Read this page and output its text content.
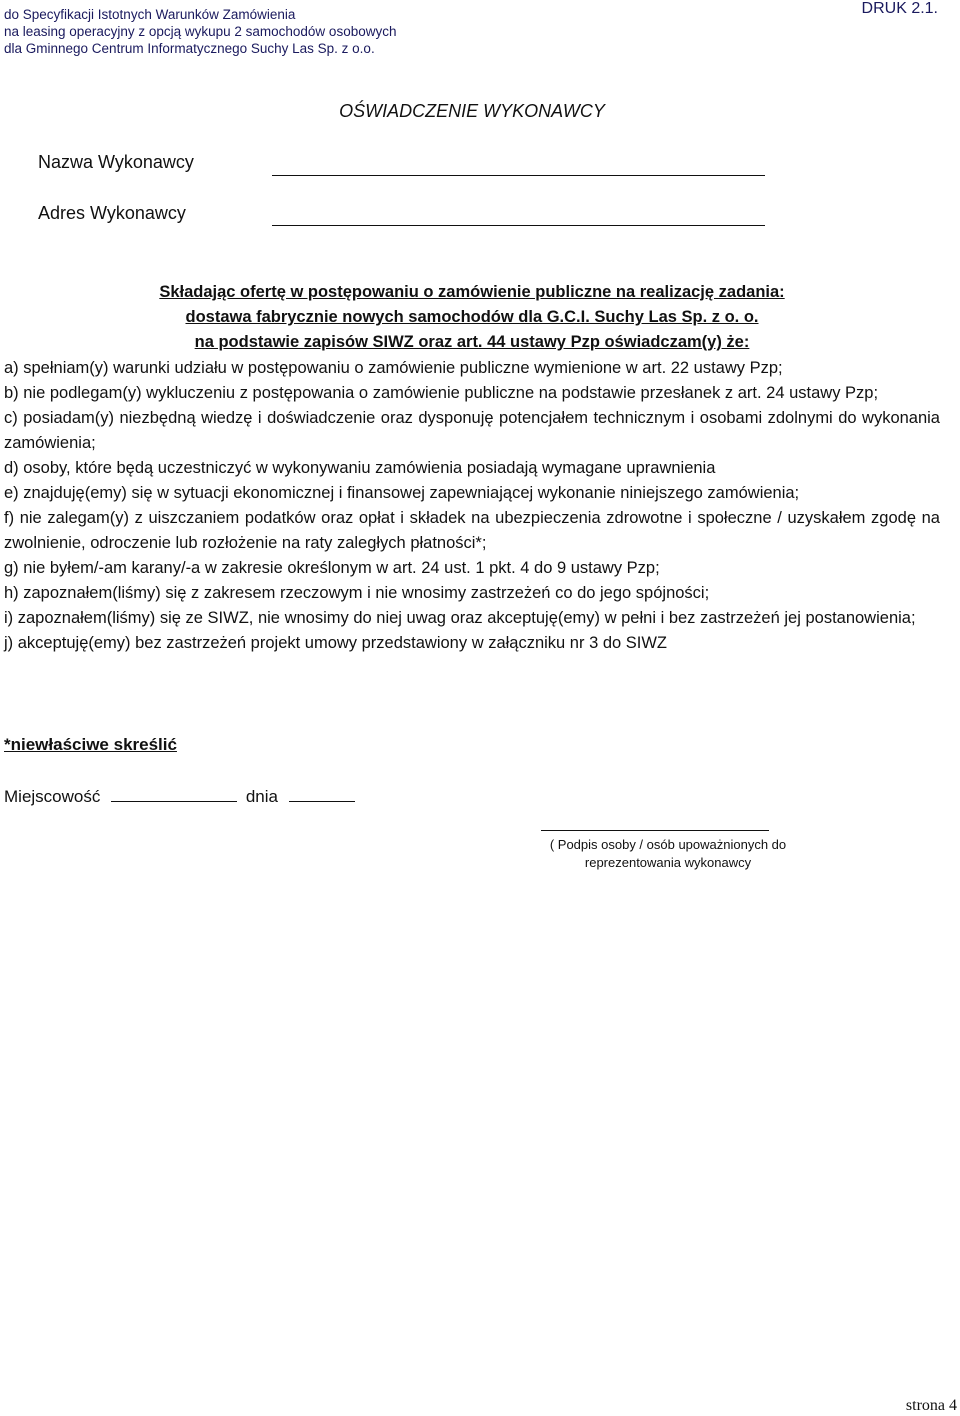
do Specyfikacji Istotnych Warunków Zamówienia
na leasing operacyjny z opcją wykupu 2 samochodów osobowych
dla Gminnego Centrum Informatycznego Suchy Las Sp. z o.o.
DRUK 2.1.
OŚWIADCZENIE WYKONAWCY
Nazwa Wykonawcy
Adres Wykonawcy
Składając ofertę w postępowaniu o zamówienie publiczne na realizację zadania:
dostawa fabrycznie nowych samochodów dla G.C.I. Suchy Las Sp. z o. o.
na podstawie zapisów SIWZ oraz art. 44 ustawy Pzp oświadczam(y) że:

a) spełniam(y) warunki udziału w postępowaniu o zamówienie publiczne wymienione w art. 22 ustawy Pzp;

b) nie podlegam(y) wykluczeniu z postępowania o zamówienie publiczne na podstawie przesłanek z art. 24 ustawy Pzp;

c) posiadam(y) niezbędną wiedzę i doświadczenie oraz dysponuję potencjałem technicznym i osobami zdolnymi do wykonania zamówienia;

d) osoby, które będą uczestniczyć w wykonywaniu zamówienia posiadają wymagane uprawnienia

e) znajduję(emy) się w sytuacji ekonomicznej i finansowej zapewniającej wykonanie niniejszego zamówienia;

f) nie zalegam(y) z uiszczaniem podatków oraz opłat i składek na ubezpieczenia zdrowotne i społeczne / uzyskałem zgodę na zwolnienie, odroczenie lub rozłożenie na raty zaległych płatności*;

g) nie byłem/-am karany/-a w zakresie określonym w art. 24 ust. 1 pkt. 4 do 9 ustawy Pzp;

h) zapoznałem(liśmy) się z zakresem rzeczowym i nie wnosimy zastrzeżeń co do jego spójności;

i) zapoznałem(liśmy) się ze SIWZ, nie wnosimy do niej uwag oraz akceptuję(emy) w pełni i bez zastrzeżeń jej postanowienia;

j) akceptuję(emy) bez zastrzeżeń projekt umowy przedstawiony w załączniku nr 3 do SIWZ

*niewłaściwe skreślić
Miejscowość	dnia
( Podpis osoby / osób upoważnionych do
reprezentowania wykonawcy
strona 4
